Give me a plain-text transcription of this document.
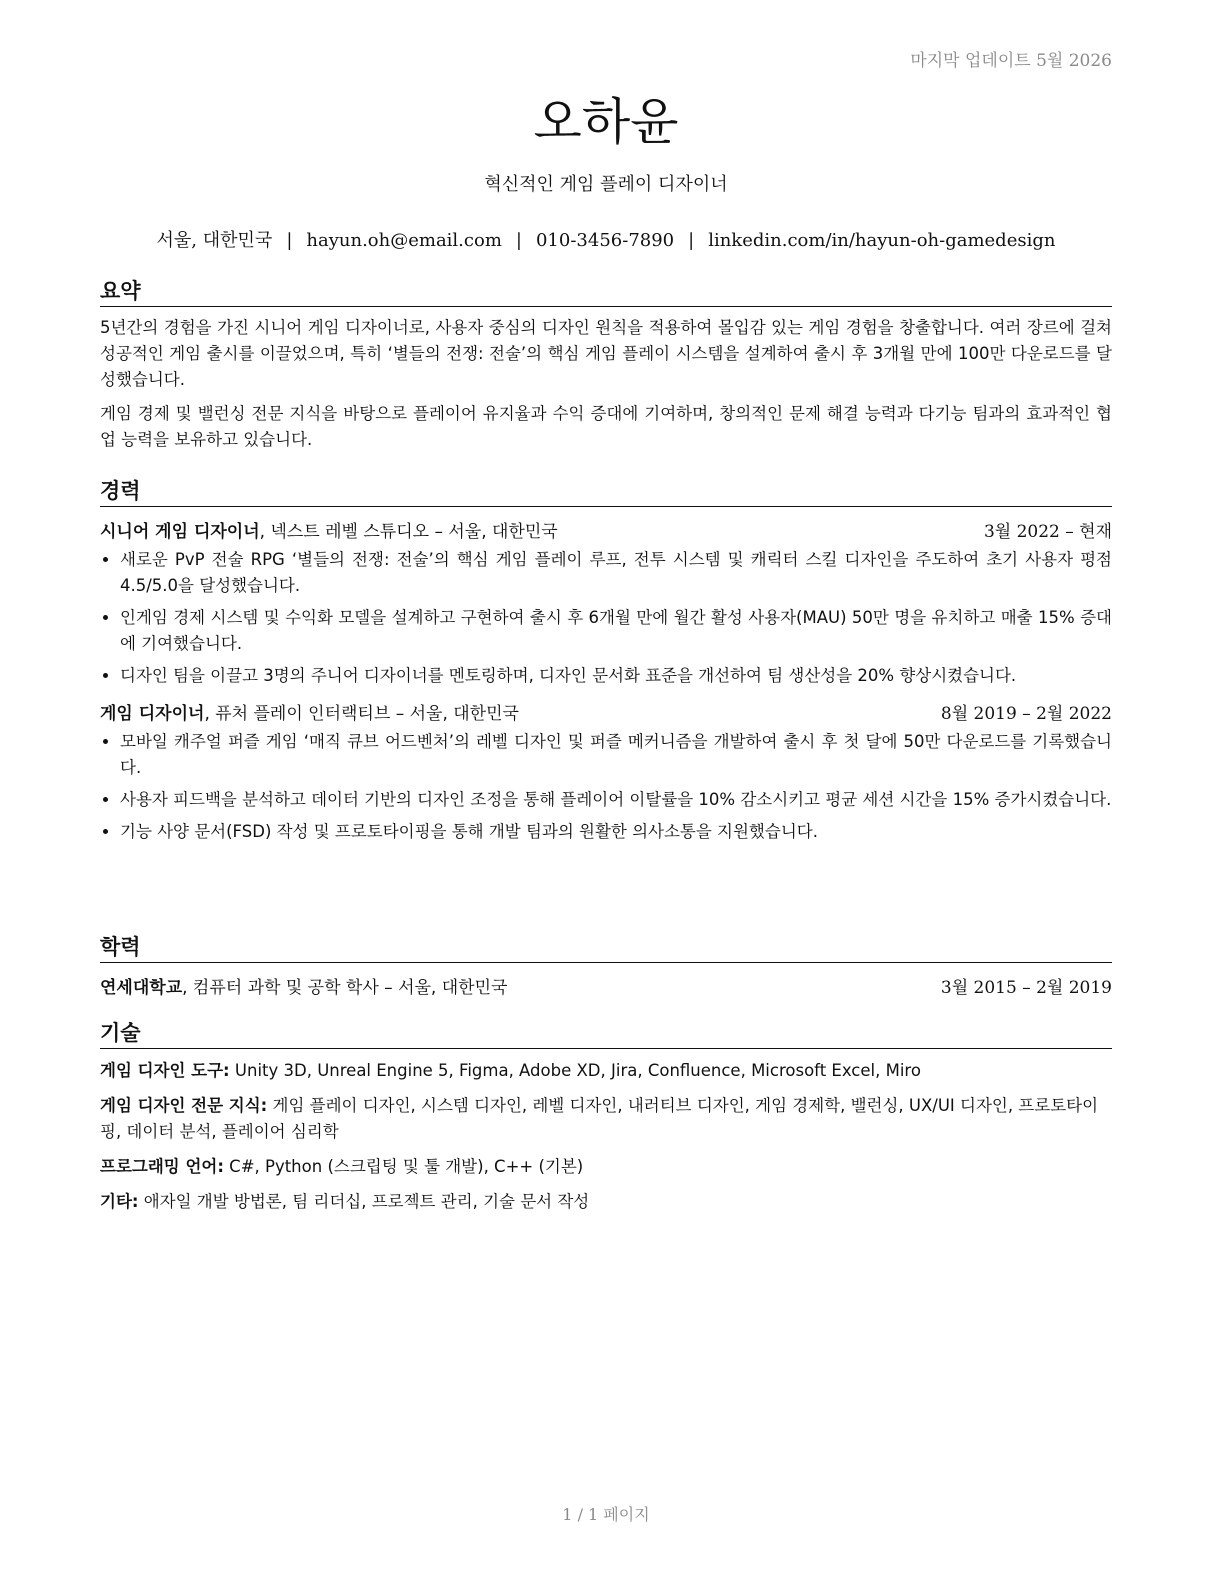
마지막 업데이트 5월 2026
오하윤
혁신적인 게임 플레이 디자이너
서울, 대한민국 | hayun.oh@email.com | 010-3456-7890 | linkedin.com/in/hayun-oh-gamedesign
요약

5년간의 경험을 가진 시니어 게임 디자이너로, 사용자 중심의 디자인 원칙을 적용하여 몰입감 있는 게임 경험을 창출합니다. 여러 장르에 걸쳐 성공적인 게임 출시를 이끌었으며, 특히 ‘별들의 전쟁: 전술’의 핵심 게임 플레이 시스템을 설계하여 출시 후 3개월 만에 100만 다운로드를 달성했습니다.

게임 경제 및 밸런싱 전문 지식을 바탕으로 플레이어 유지율과 수익 증대에 기여하며, 창의적인 문제 해결 능력과 다기능 팀과의 효과적인 협업 능력을 보유하고 있습니다.

경력
시니어 게임 디자이너, 넥스트 레벨 스튜디오 – 서울, 대한민국	3월 2022 – 현재
• 새로운 PvP 전술 RPG ‘별들의 전쟁: 전술’의 핵심 게임 플레이 루프, 전투 시스템 및 캐릭터 스킬 디자인을 주도하여 초기 사용자 평점 4.5/5.0을 달성했습니다.
• 인게임 경제 시스템 및 수익화 모델을 설계하고 구현하여 출시 후 6개월 만에 월간 활성 사용자(MAU) 50만 명을 유치하고 매출 15% 증대에 기여했습니다.
• 디자인 팀을 이끌고 3명의 주니어 디자이너를 멘토링하며, 디자인 문서화 표준을 개선하여 팀 생산성을 20% 향상시켰습니다.
게임 디자이너, 퓨처 플레이 인터랙티브 – 서울, 대한민국	8월 2019 – 2월 2022
• 모바일 캐주얼 퍼즐 게임 ‘매직 큐브 어드벤처’의 레벨 디자인 및 퍼즐 메커니즘을 개발하여 출시 후 첫 달에 50만 다운로드를 기록했습니다.
• 사용자 피드백을 분석하고 데이터 기반의 디자인 조정을 통해 플레이어 이탈률을 10% 감소시키고 평균 세션 시간을 15% 증가시켰습니다.
• 기능 사양 문서(FSD) 작성 및 프로토타이핑을 통해 개발 팀과의 원활한 의사소통을 지원했습니다.
학력
연세대학교, 컴퓨터 과학 및 공학 학사 – 서울, 대한민국	3월 2015 – 2월 2019
기술
게임 디자인 도구: Unity 3D, Unreal Engine 5, Figma, Adobe XD, Jira, Confluence, Microsoft Excel, Miro
게임 디자인 전문 지식: 게임 플레이 디자인, 시스템 디자인, 레벨 디자인, 내러티브 디자인, 게임 경제학, 밸런싱, UX/UI 디자인, 프로토타이핑, 데이터 분석, 플레이어 심리학
프로그래밍 언어: C#, Python (스크립팅 및 툴 개발), C++ (기본)
기타: 애자일 개발 방법론, 팀 리더십, 프로젝트 관리, 기술 문서 작성
1 / 1 페이지
